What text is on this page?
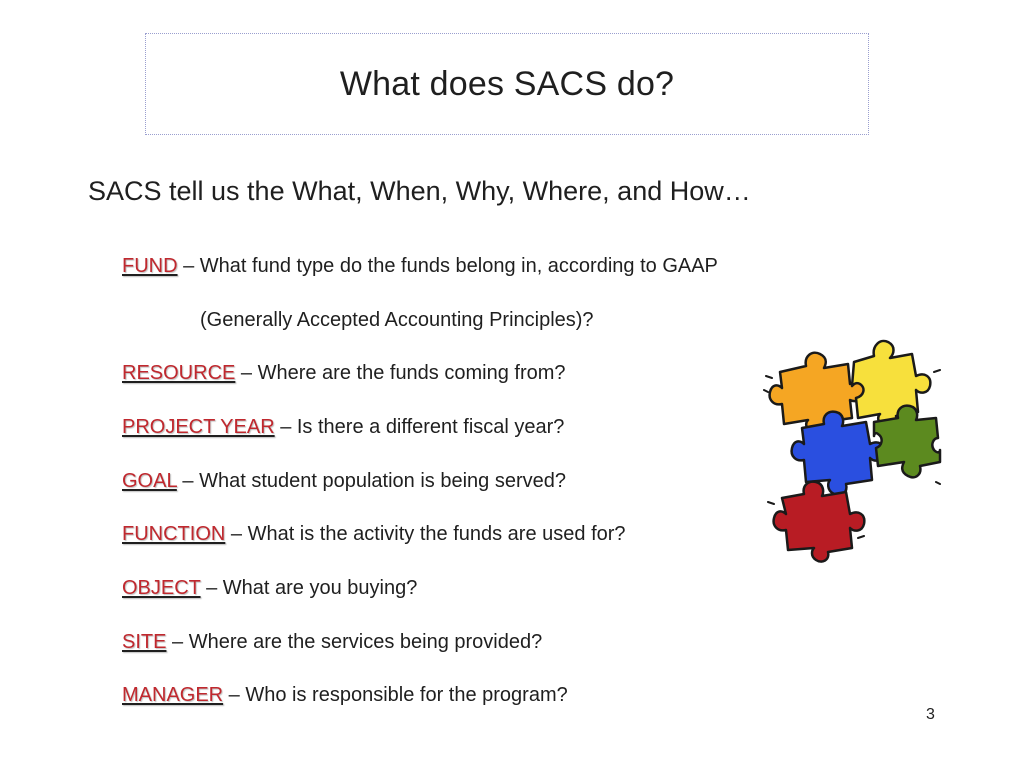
What does SACS do?
SACS tell us the What, When, Why, Where, and How…
FUND – What fund type do the funds belong in, according to GAAP
(Generally Accepted Accounting Principles)?
RESOURCE – Where are the funds coming from?
PROJECT YEAR – Is there a different fiscal year?
GOAL – What student population is being served?
FUNCTION – What is the activity the funds are used for?
OBJECT – What are you buying?
SITE – Where are the services being provided?
MANAGER – Who is responsible for the program?
3
